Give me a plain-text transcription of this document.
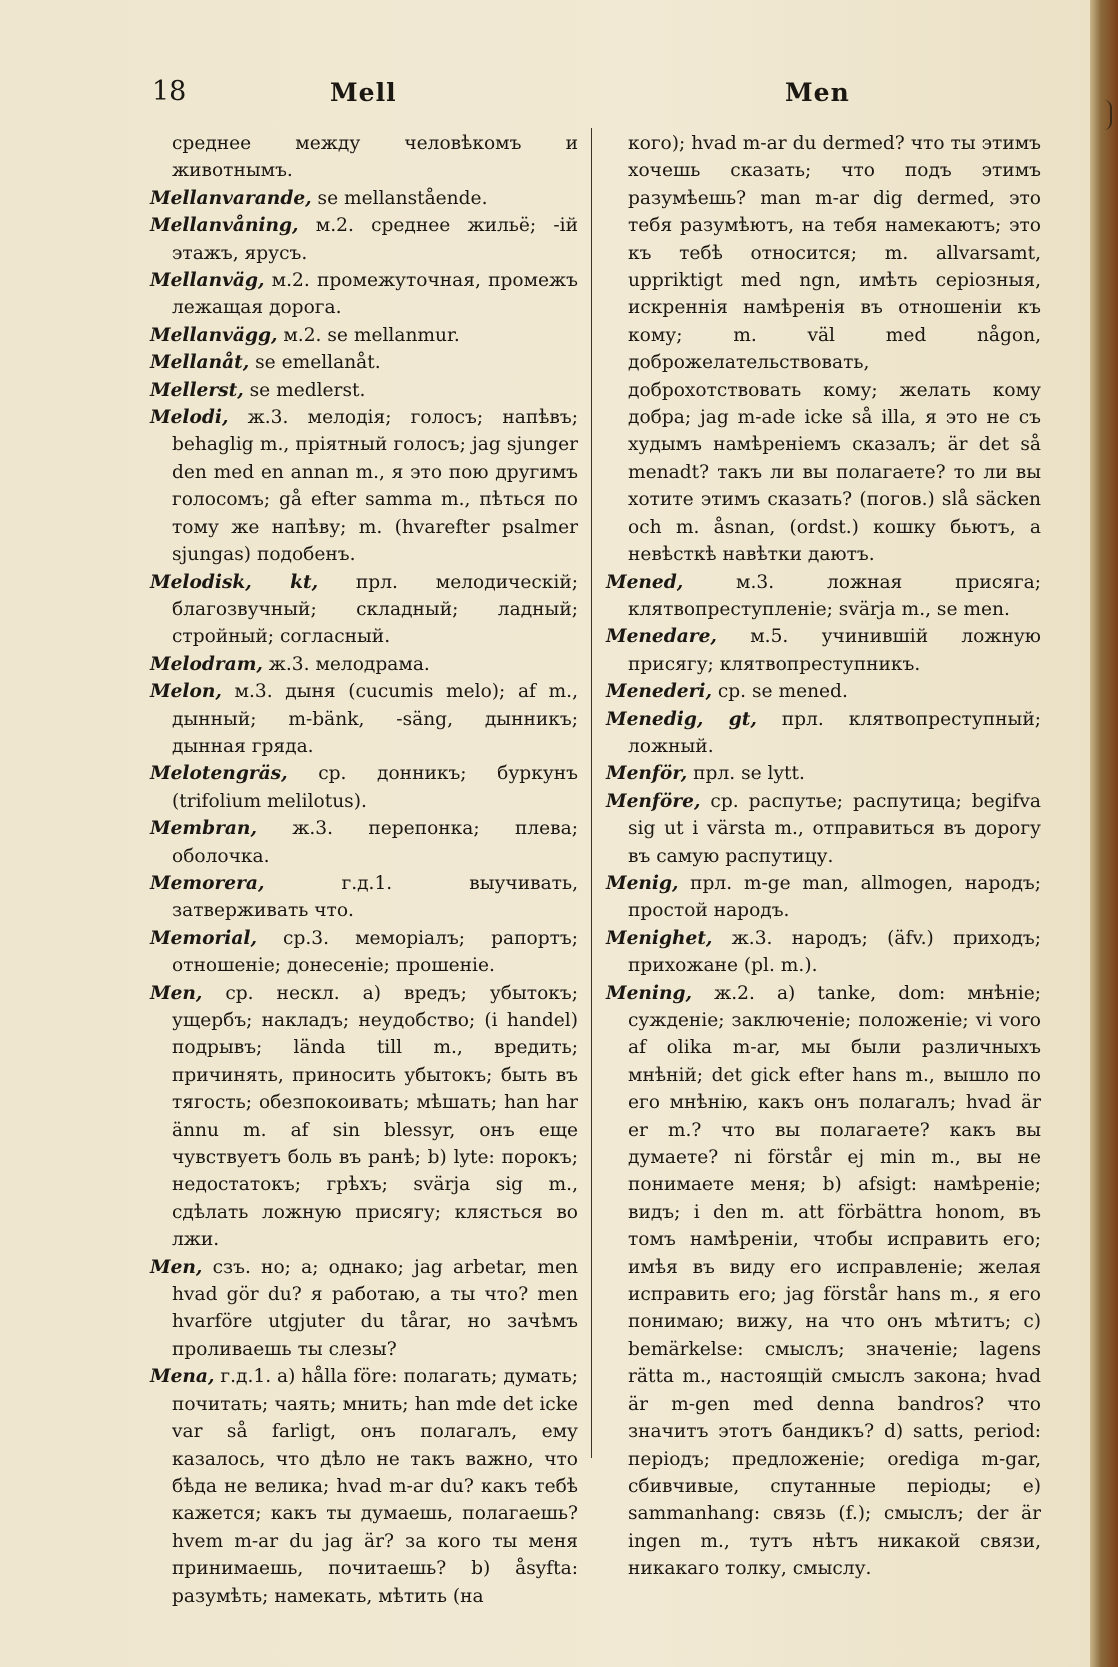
18	Mell	Men
среднее между человѣкомъ и животнымъ.
Mellanvarande, se mellanstående.
Mellanvåning, м.2. среднее жильё; -ій этажъ, ярусъ.
Mellanväg, м.2. промежуточная, промежъ лежащая дорога.
Mellanvägg, м.2. se mellanmur.
Mellanåt, se emellanåt.
Mellerst, se medlerst.
Melodi, ж.3. мелодія; голосъ; напѣвъ; behaglig m., пріятный голосъ; jag sjunger den med en annan m., я это пою другимъ голосомъ; gå efter samma m., пѣться по тому же напѣву; m. (hvarefter psalmer sjungas) подобенъ.
Melodisk, kt, прл. мелодическій; благозвучный; складный; ладный; стройный; согласный.
Melodram, ж.3. мелодрама.
Melon, м.3. дыня (cucumis melo); af m., дынный; m-bänk, -säng, дынникъ; дынная гряда.
Melotengräs, ср. донникъ; буркунъ (trifolium melilotus).
Membran, ж.3. перепонка; плева; оболочка.
Memorera, г.д.1. выучивать, затверживать что.
Memorial, ср.3. меморіалъ; рапортъ; отношеніе; донесеніе; прошеніе.
Men, ср. нескл. а) вредъ; убытокъ; ущербъ; накладъ; неудобство; (i handel) подрывъ; lända till m., вредить; причинять, приносить убытокъ; быть въ тягость; обезпокоивать; мѣшать; han har ännu m. af sin blessyr, онъ еще чувствуетъ боль въ ранѣ; b) lyte: порокъ; недостатокъ; грѣхъ; svärja sig m., сдѣлать ложную присягу; клясться во лжи.
Men, сзъ. но; а; однако; jag arbetar, men hvad gör du? я работаю, а ты что? men hvarföre utgjuter du tårar, но зачѣмъ проливаешь ты слезы?
Mena, г.д.1. а) hålla före: полагать; думать; почитать; чаять; мнить; han mde det icke var så farligt, онъ полагалъ, ему казалось, что дѣло не такъ важно, что бѣда не велика; hvad m-ar du? какъ тебѣ кажется; какъ ты думаешь, полагаешь? hvem m-ar du jag är? за кого ты меня принимаешь, почитаешь? b) åsyfta: разумѣть; намекать, мѣтить (на
кого); hvad m-ar du dermed? что ты этимъ хочешь сказать; что подъ этимъ разумѣешь? man m-ar dig dermed, это тебя разумѣютъ, на тебя намекаютъ; это къ тебѣ относится; m. allvarsamt, uppriktigt med ngn, имѣть серіозныя, искреннія намѣренія въ отношеніи къ кому; m. väl med någon, доброжелательствовать, доброхотствовать кому; желать кому добра; jag m-ade icke så illa, я это не съ худымъ намѣреніемъ сказалъ; är det så menadt? такъ ли вы полагаете? то ли вы хотите этимъ сказать? (погов.) slå säcken och m. åsnan, (ordst.) кошку бьютъ, а невѣсткѣ навѣтки даютъ.
Mened, м.3. ложная присяга; клятвопреступленіе; svärja m., se men.
Menedare, м.5. учинившій ложную присягу; клятвопреступникъ.
Menederi, ср. se mened.
Menedig, gt, прл. клятвопреступный; ложный.
Menför, прл. se lytt.
Menföre, ср. распутье; распутица; begifva sig ut i värsta m., отправиться въ дорогу въ самую распутицу.
Menig, прл. m-ge man, allmogen, народъ; простой народъ.
Menighet, ж.3. народъ; (äfv.) приходъ; прихожане (pl. m.).
Mening, ж.2. а) tanke, dom: мнѣніе; сужденіе; заключеніе; положеніе; vi voro af olika m-ar, мы были различныхъ мнѣній; det gick efter hans m., вышло по его мнѣнію, какъ онъ полагалъ; hvad är er m.? что вы полагаете? какъ вы думаете? ni förstår ej min m., вы не понимаете меня; b) afsigt: намѣреніе; видъ; i den m. att förbättra honom, въ томъ намѣреніи, чтобы исправить его; имѣя въ виду его исправленіе; желая исправить его; jag förstår hans m., я его понимаю; вижу, на что онъ мѣтитъ; c) bemärkelse: смыслъ; значеніе; lagens rätta m., настоящій смыслъ закона; hvad är m-gen med denna bandros? что значитъ этотъ бандикъ? d) satts, period: періодъ; предложеніе; oredigа m-gar, сбивчивые, спутанные періоды; e) sammanhang: связь (f.); смыслъ; der är ingen m., тутъ нѣтъ никакой связи, никакаго толку, смыслу.
